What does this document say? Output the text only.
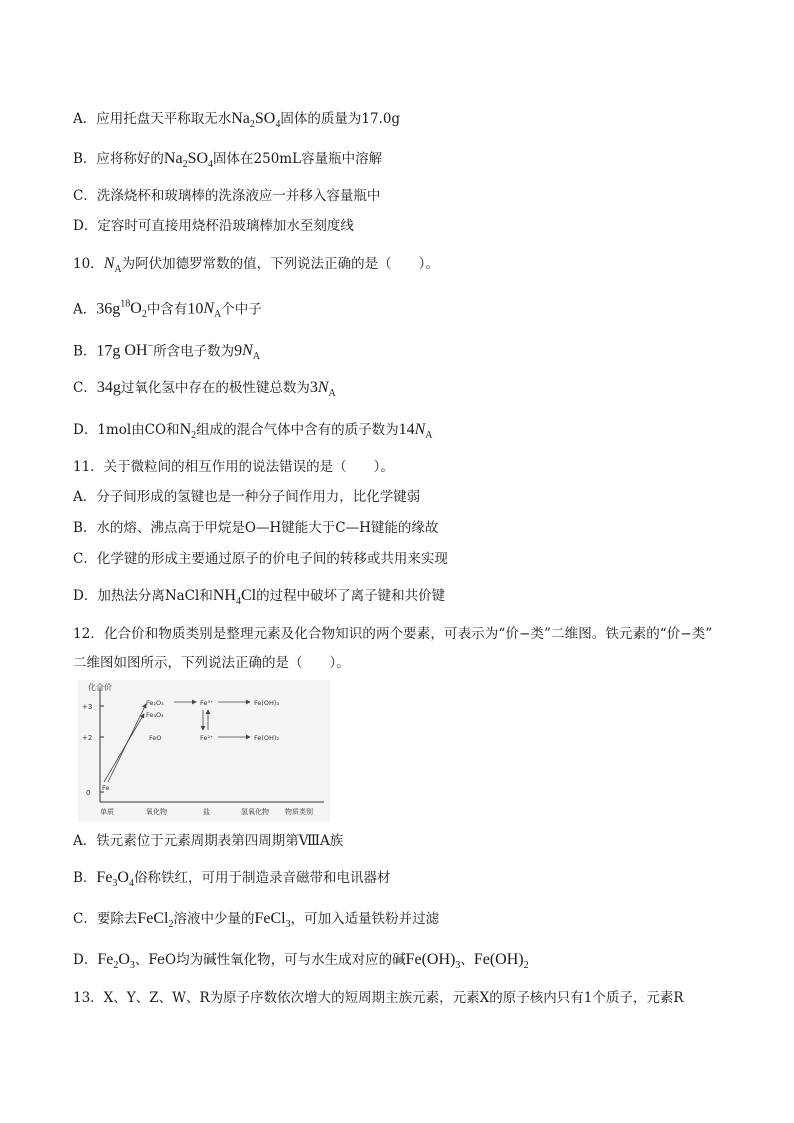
A．应用托盘天平称取无水$Na_2SO_4$固体的质量为17.0g
B．应将称好的$Na_2SO_4$固体在250mL容量瓶中溶解
C．洗涤烧杯和玻璃棒的洗涤液应一并移入容量瓶中
D．定容时可直接用烧杯沿玻璃棒加水至刻度线
10．$N_A$为阿伏加德罗常数的值，下列说法正确的是（　　）。
A．$36g^{18}O_2$中含有$10N_A$个中子
B．17g OH−所含电子数为$9N_A$
C．34g过氧化氢中存在的极性键总数为$3N_A$
D．1mol由CO和$N_2$组成的混合气体中含有的质子数为$14N_A$
11．关于微粒间的相互作用的说法错误的是（　　）。
A．分子间形成的氢键也是一种分子间作用力，比化学键弱
B．水的熔、沸点高于甲烷是O—H键能大于C—H键能的缘故
C．化学键的形成主要通过原子的价电子间的转移或共用来实现
D．加热法分离NaCl和$NH_4Cl$的过程中破坏了离子键和共价键
12．化合价和物质类别是整理元素及化合物知识的两个要素，可表示为“价−类”二维图。铁元素的“价−类”
二维图如图所示，下列说法正确的是（　　）。
化合价
+3
+2
0
单质	氧化物	盐	氢氧化物 物质类别
Fe
Fe₂O₃
Fe₃O₄
FeO
Fe³⁺
Fe²⁺
Fe(OH)₃
Fe(OH)₂
A．铁元素位于元素周期表第四周期第ⅧA族
B．$Fe_3O_4$俗称铁红，可用于制造录音磁带和电讯器材
C．要除去FeCl$_2$溶液中少量的FeCl$_3$，可加入适量铁粉并过滤
D．$Fe_2O_3$、FeO均为碱性氧化物，可与水生成对应的碱$Fe(OH)_3$、$Fe(OH)_2$
13．X、Y、Z、W、R为原子序数依次增大的短周期主族元素，元素X的原子核内只有1个质子，元素R
